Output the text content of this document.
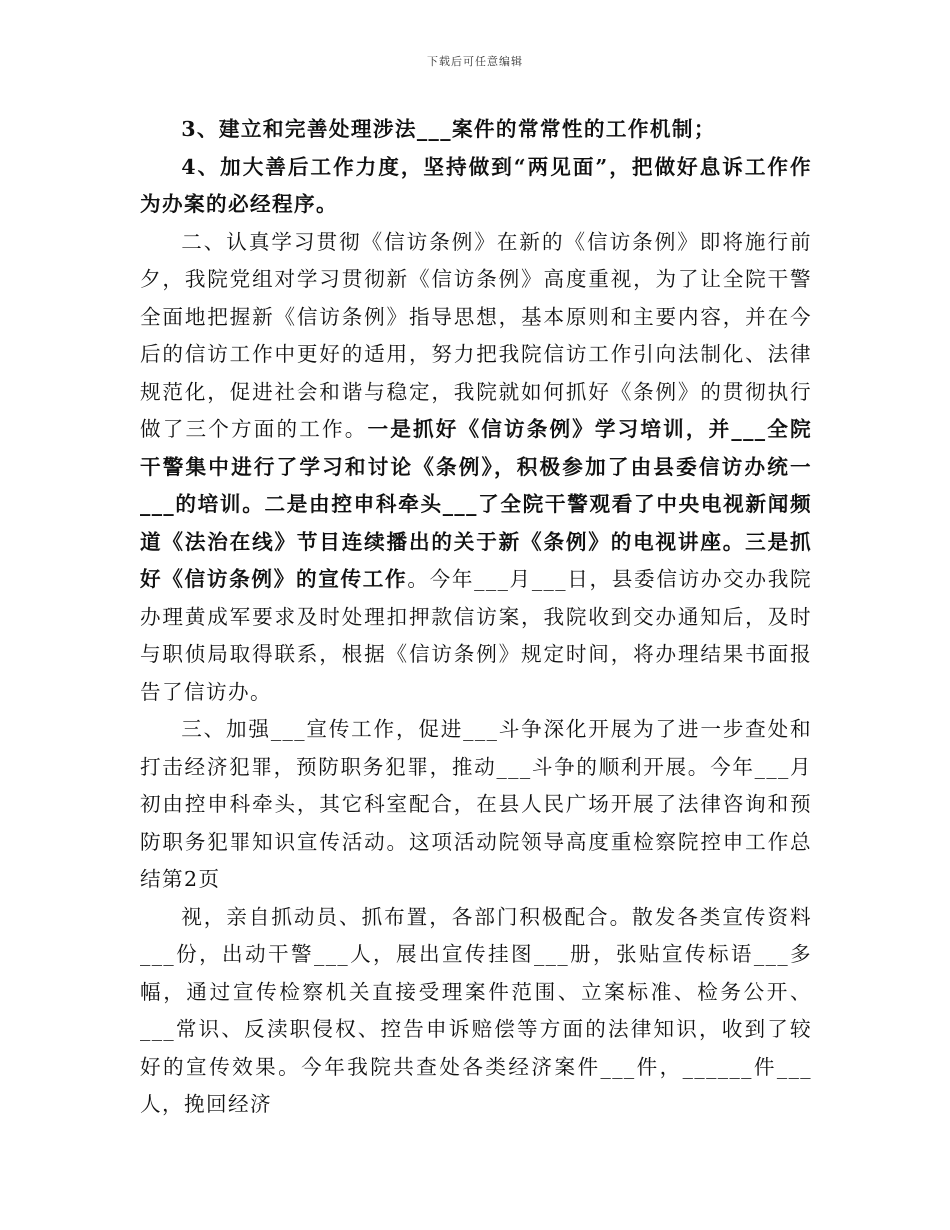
下载后可任意编辑

3、建立和完善处理涉法___案件的常常性的工作机制；

4、加大善后工作力度，坚持做到“两见面”，把做好息诉工作作为办案的必经程序。

二、认真学习贯彻《信访条例》在新的《信访条例》即将施行前夕，我院党组对学习贯彻新《信访条例》高度重视，为了让全院干警全面地把握新《信访条例》指导思想，基本原则和主要内容，并在今后的信访工作中更好的适用，努力把我院信访工作引向法制化、法律规范化，促进社会和谐与稳定，我院就如何抓好《条例》的贯彻执行做了三个方面的工作。一是抓好《信访条例》学习培训，并___全院干警集中进行了学习和讨论《条例》，积极参加了由县委信访办统一___的培训。二是由控申科牵头___了全院干警观看了中央电视新闻频道《法治在线》节目连续播出的关于新《条例》的电视讲座。三是抓好《信访条例》的宣传工作。今年___月___日，县委信访办交办我院办理黄成军要求及时处理扣押款信访案，我院收到交办通知后，及时与职侦局取得联系，根据《信访条例》规定时间，将办理结果书面报告了信访办。

三、加强___宣传工作，促进___斗争深化开展为了进一步查处和打击经济犯罪，预防职务犯罪，推动___斗争的顺利开展。今年___月初由控申科牵头，其它科室配合，在县人民广场开展了法律咨询和预防职务犯罪知识宣传活动。这项活动院领导高度重检察院控申工作总结第2页

视，亲自抓动员、抓布置，各部门积极配合。散发各类宣传资料___份，出动干警___人，展出宣传挂图___册，张贴宣传标语___多幅，通过宣传检察机关直接受理案件范围、立案标准、检务公开、___常识、反渎职侵权、控告申诉赔偿等方面的法律知识，收到了较好的宣传效果。今年我院共查处各类经济案件___件，______件___人，挽回经济
